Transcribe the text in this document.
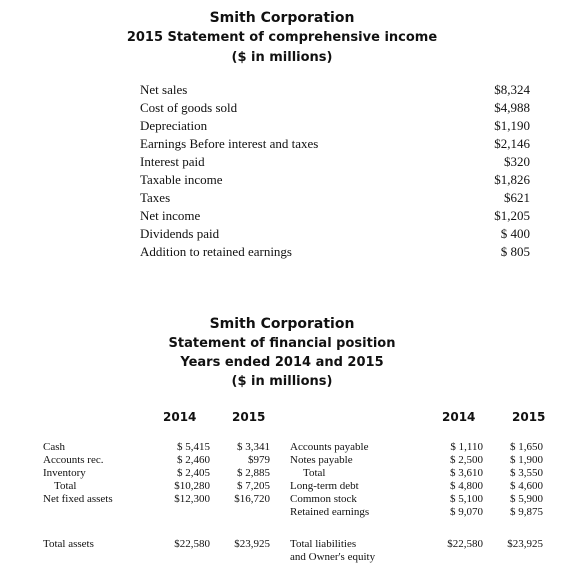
Smith Corporation
2015 Statement of comprehensive income
($ in millions)
Net sales	$8,324
Cost of goods sold	$4,988
Depreciation	$1,190
Earnings Before interest and taxes	$2,146
Interest paid	$320
Taxable income	$1,826
Taxes	$621
Net income	$1,205
Dividends paid	$ 400
Addition to retained earnings	$ 805
Smith Corporation
Statement of financial position
Years ended 2014 and 2015
($ in millions)
2014	2015	2014	2015
Cash	$ 5,415	$ 3,341
Accounts rec.	$ 2,460	$979
Inventory	$ 2,405	$ 2,885
Total	$10,280	$ 7,205
Net fixed assets	$12,300	$16,720
Total assets	$22,580	$23,925
Accounts payable	$ 1,110	$ 1,650
Notes payable	$ 2,500	$ 1,900
Total	$ 3,610	$ 3,550
Long-term debt	$ 4,800	$ 4,600
Common stock	$ 5,100	$ 5,900
Retained earnings	$ 9,070	$ 9,875
Total liabilities	$22,580	$23,925
and Owner's equity
